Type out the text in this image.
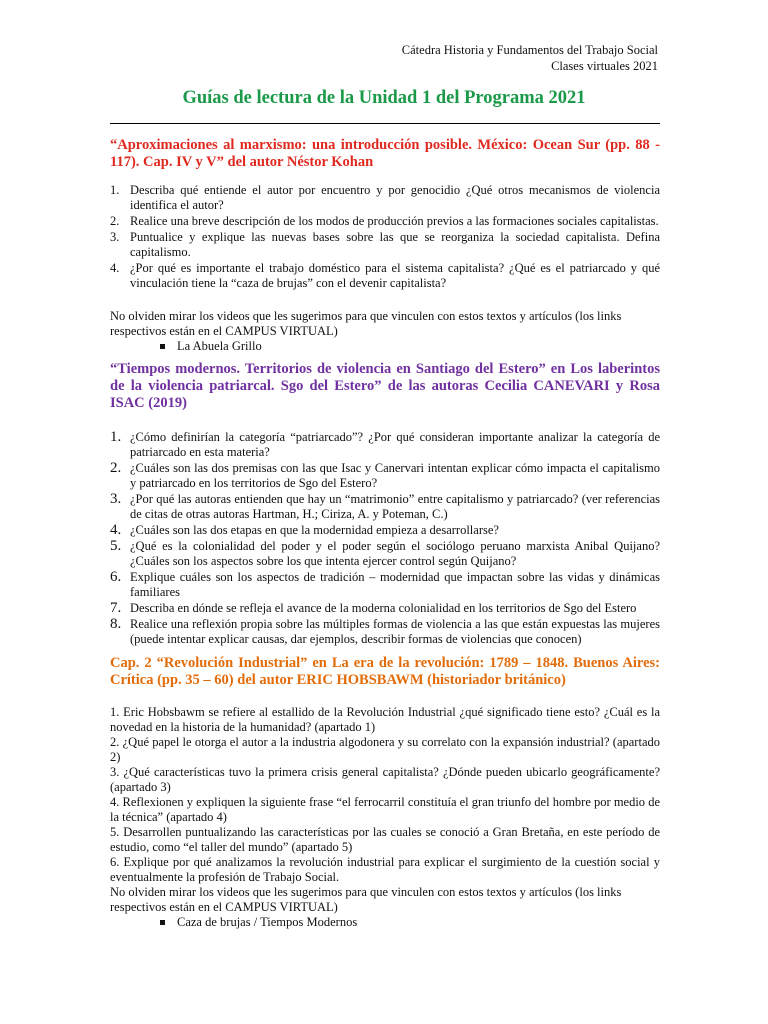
Cátedra Historia y Fundamentos del Trabajo Social
Clases virtuales 2021
Guías de lectura de la Unidad 1 del Programa 2021
“Aproximaciones al marxismo: una introducción posible. México: Ocean Sur (pp. 88 - 117). Cap. IV y V” del autor Néstor Kohan
1. Describa qué entiende el autor por encuentro y por genocidio ¿Qué otros mecanismos de violencia identifica el autor?
2. Realice una breve descripción de los modos de producción previos a las formaciones sociales capitalistas.
3. Puntualice y explique las nuevas bases sobre las que se reorganiza la sociedad capitalista. Defina capitalismo.
4. ¿Por qué es importante el trabajo doméstico para el sistema capitalista? ¿Qué es el patriarcado y qué vinculación tiene la “caza de brujas” con el devenir capitalista?
No olviden mirar los videos que les sugerimos para que vinculen con estos textos y artículos (los links respectivos están en el CAMPUS VIRTUAL)
La Abuela Grillo
“Tiempos modernos. Territorios de violencia en Santiago del Estero” en Los laberintos de la violencia patriarcal. Sgo del Estero” de las autoras Cecilia CANEVARI y Rosa ISAC (2019)
1. ¿Cómo definirían la categoría “patriarcado”? ¿Por qué consideran importante analizar la categoría de patriarcado en esta materia?
2. ¿Cuáles son las dos premisas con las que Isac y Canervari intentan explicar cómo impacta el capitalismo y patriarcado en los territorios de Sgo del Estero?
3. ¿Por qué las autoras entienden que hay un “matrimonio” entre capitalismo y patriarcado? (ver referencias de citas de otras autoras Hartman, H.; Ciriza, A. y Poteman, C.)
4. ¿Cuáles son las dos etapas en que la modernidad empieza a desarrollarse?
5. ¿Qué es la colonialidad del poder y el poder según el sociólogo peruano marxista Anibal Quijano? ¿Cuáles son los aspectos sobre los que intenta ejercer control según Quijano?
6. Explique cuáles son los aspectos de tradición – modernidad que impactan sobre las vidas y dinámicas familiares
7. Describa en dónde se refleja el avance de la moderna colonialidad en los territorios de Sgo del Estero
8. Realice una reflexión propia sobre las múltiples formas de violencia a las que están expuestas las mujeres (puede intentar explicar causas, dar ejemplos, describir formas de violencias que conocen)
Cap. 2 “Revolución Industrial” en La era de la revolución: 1789 – 1848. Buenos Aires: Crítica (pp. 35 – 60) del autor ERIC HOBSBAWM (historiador británico)
1. Eric Hobsbawm se refiere al estallido de la Revolución Industrial ¿qué significado tiene esto? ¿Cuál es la novedad en la historia de la humanidad? (apartado 1)
2. ¿Qué papel le otorga el autor a la industria algodonera y su correlato con la expansión industrial? (apartado 2)
3. ¿Qué características tuvo la primera crisis general capitalista? ¿Dónde pueden ubicarlo geográficamente? (apartado 3)
4. Reflexionen y expliquen la siguiente frase “el ferrocarril constituía el gran triunfo del hombre por medio de la técnica” (apartado 4)
5. Desarrollen puntualizando las características por las cuales se conoció a Gran Bretaña, en este período de estudio, como “el taller del mundo” (apartado 5)
6. Explique por qué analizamos la revolución industrial para explicar el surgimiento de la cuestión social y eventualmente la profesión de Trabajo Social.
No olviden mirar los videos que les sugerimos para que vinculen con estos textos y artículos (los links respectivos están en el CAMPUS VIRTUAL)
Caza de brujas / Tiempos Modernos
